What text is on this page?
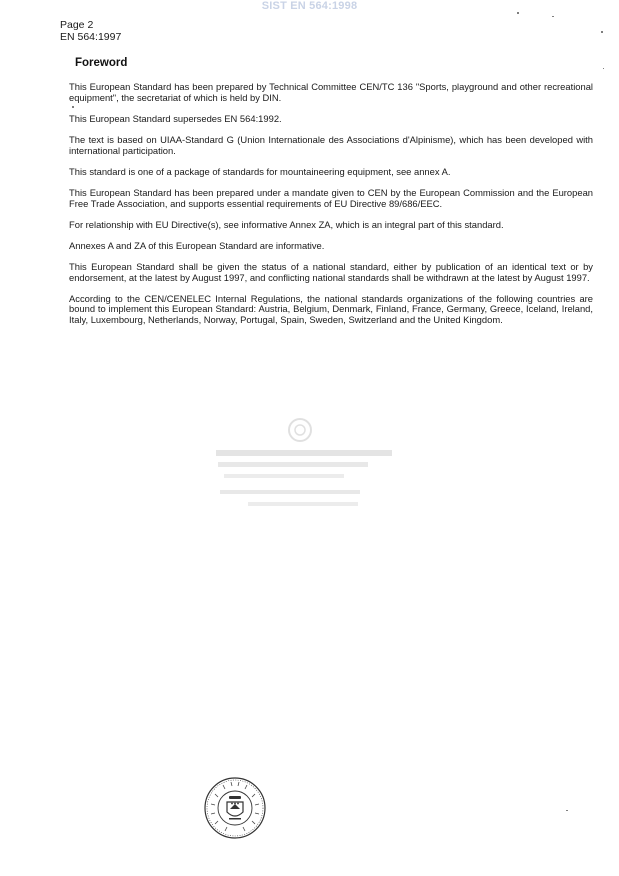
SIST EN 564:1998
Page 2
EN 564:1997
Foreword

This European Standard has been prepared by Technical Committee CEN/TC 136 "Sports, playground and other recreational equipment", the secretariat of which is held by DIN.

This European Standard supersedes EN 564:1992.

The text is based on UIAA-Standard G (Union Internationale des Associations d'Alpinisme), which has been developed with international participation.

This standard is one of a package of standards for mountaineering equipment, see annex A.

This European Standard has been prepared under a mandate given to CEN by the European Commission and the European Free Trade Association, and supports essential requirements of EU Directive 89/686/EEC.

For relationship with EU Directive(s), see informative Annex ZA, which is an integral part of this standard.

Annexes A and ZA of this European Standard are informative.

This European Standard shall be given the status of a national standard, either by publication of an identical text or by endorsement, at the latest by August 1997, and conflicting national standards shall be withdrawn at the latest by August 1997.

According to the CEN/CENELEC Internal Regulations, the national standards organizations of the following countries are bound to implement this European Standard: Austria, Belgium, Denmark, Finland, France, Germany, Greece, Iceland, Ireland, Italy, Luxembourg, Netherlands, Norway, Portugal, Spain, Sweden, Switzerland and the United Kingdom.
